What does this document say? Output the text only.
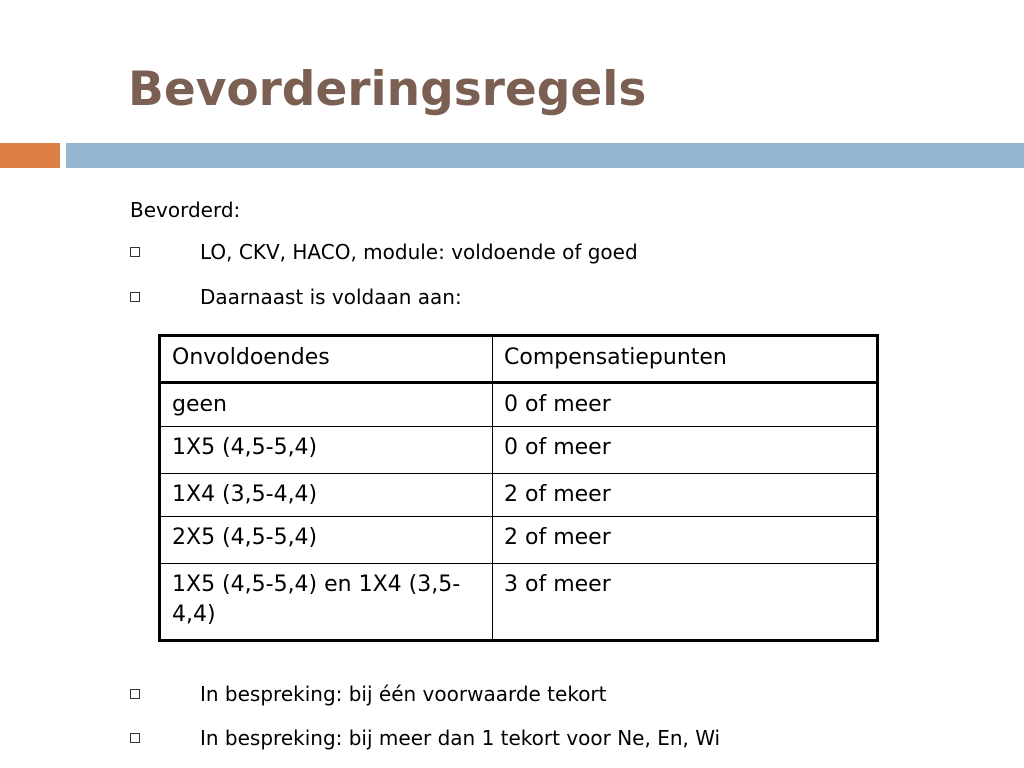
Bevorderingsregels
Bevorderd:
LO, CKV, HACO, module: voldoende of goed
Daarnaast is voldaan aan:
Onvoldoendes	Compensatiepunten
geen	0 of meer
1X5 (4,5-5,4)	0 of meer
1X4 (3,5-4,4)	2 of meer
2X5 (4,5-5,4)	2 of meer
1X5 (4,5-5,4) en 1X4 (3,5-4,4)	3 of meer
In bespreking: bij één voorwaarde tekort
In bespreking: bij meer dan 1 tekort voor Ne, En, Wi
